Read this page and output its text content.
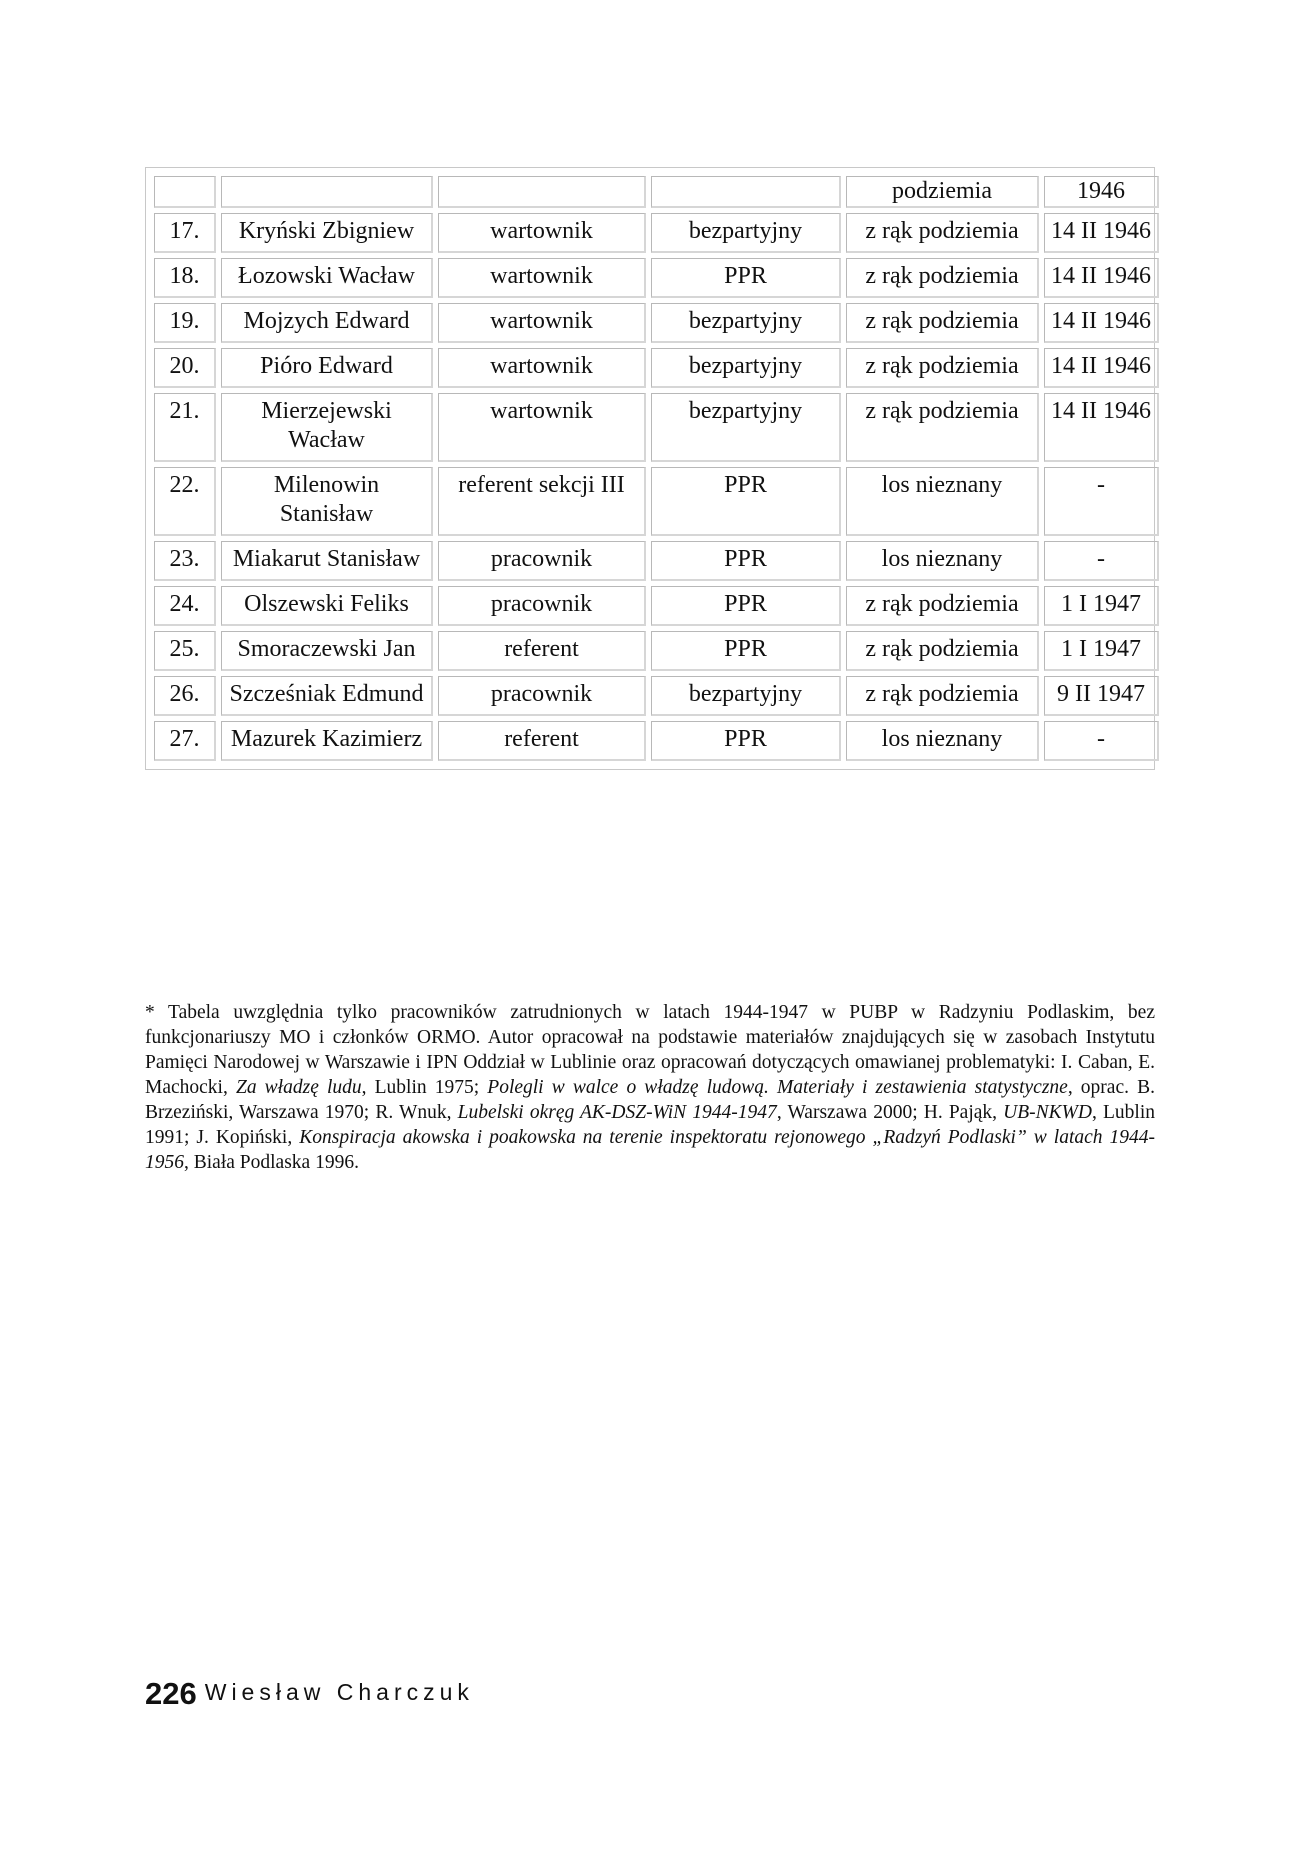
				podziemia	1946
17.	Kryński Zbigniew	wartownik	bezpartyjny	z rąk podziemia	14 II 1946
18.	Łozowski Wacław	wartownik	PPR	z rąk podziemia	14 II 1946
19.	Mojzych Edward	wartownik	bezpartyjny	z rąk podziemia	14 II 1946
20.	Pióro Edward	wartownik	bezpartyjny	z rąk podziemia	14 II 1946
21.	Mierzejewski Wacław	wartownik	bezpartyjny	z rąk podziemia	14 II 1946
22.	Milenowin Stanisław	referent sekcji III	PPR	los nieznany	-
23.	Miakarut Stanisław	pracownik	PPR	los nieznany	-
24.	Olszewski Feliks	pracownik	PPR	z rąk podziemia	1 I 1947
25.	Smoraczewski Jan	referent	PPR	z rąk podziemia	1 I 1947
26.	Szcześniak Edmund	pracownik	bezpartyjny	z rąk podziemia	9 II 1947
27.	Mazurek Kazimierz	referent	PPR	los nieznany	-
* Tabela uwzględnia tylko pracowników zatrudnionych w latach 1944-1947 w PUBP w Radzyniu Podlaskim, bez funkcjonariuszy MO i członków ORMO. Autor opracował na podstawie materiałów znajdujących się w zasobach Instytutu Pamięci Narodowej w Warszawie i IPN Oddział w Lublinie oraz opracowań dotyczących omawianej problematyki: I. Caban, E. Machocki, Za władzę ludu, Lublin 1975; Polegli w walce o władzę ludową. Materiały i zestawienia statystyczne, oprac. B. Brzeziński, Warszawa 1970; R. Wnuk, Lubelski okręg AK-DSZ-WiN 1944-1947, Warszawa 2000; H. Pająk, UB-NKWD, Lublin 1991; J. Kopiński, Konspiracja akowska i poakowska na terenie inspektoratu rejonowego „Radzyń Podlaski” w latach 1944-1956, Biała Podlaska 1996.
226 Wiesław Charczuk
